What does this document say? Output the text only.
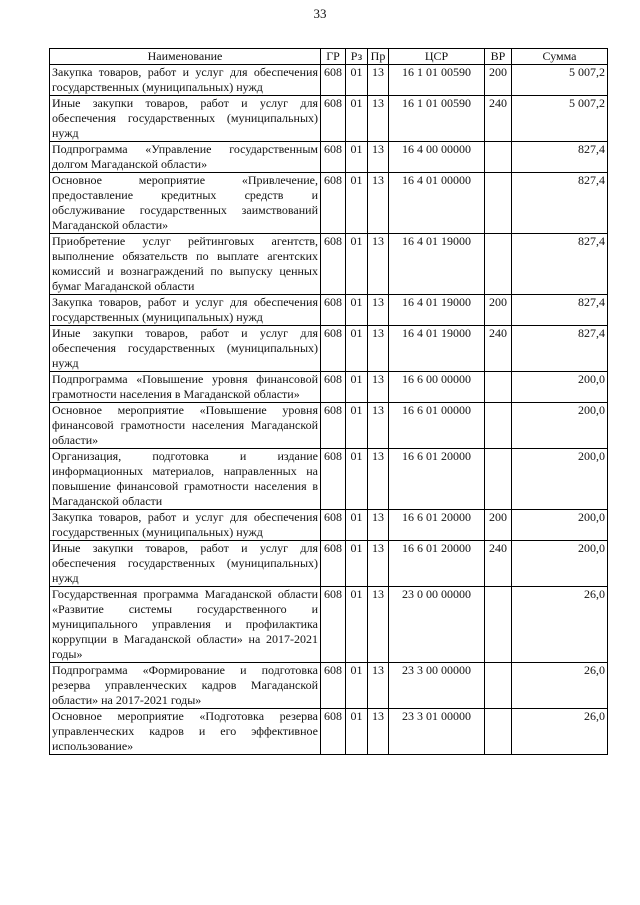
33
Наименование	ГР	Рз	Пр	ЦСР	ВР	Сумма
Закупка товаров, работ и услуг для обеспечения государственных (муниципальных) нужд	608	01	13	16 1 01 00590	200	5 007,2
Иные закупки товаров, работ и услуг для обеспечения государственных (муниципальных) нужд	608	01	13	16 1 01 00590	240	5 007,2
Подпрограмма «Управление государственным долгом Магаданской области»	608	01	13	16 4 00 00000		827,4
Основное мероприятие «Привлечение, предоставление кредитных средств и обслуживание государственных заимствований Магаданской области»	608	01	13	16 4 01 00000		827,4
Приобретение услуг рейтинговых агентств, выполнение обязательств по выплате агентских комиссий и вознаграждений по выпуску ценных бумаг Магаданской области	608	01	13	16 4 01 19000		827,4
Закупка товаров, работ и услуг для обеспечения государственных (муниципальных) нужд	608	01	13	16 4 01 19000	200	827,4
Иные закупки товаров, работ и услуг для обеспечения государственных (муниципальных) нужд	608	01	13	16 4 01 19000	240	827,4
Подпрограмма «Повышение уровня финансовой грамотности населения в Магаданской области»	608	01	13	16 6 00 00000		200,0
Основное мероприятие «Повышение уровня финансовой грамотности населения Магаданской области»	608	01	13	16 6 01 00000		200,0
Организация, подготовка и издание информационных материалов, направленных на повышение финансовой грамотности населения в Магаданской области	608	01	13	16 6 01 20000		200,0
Закупка товаров, работ и услуг для обеспечения государственных (муниципальных) нужд	608	01	13	16 6 01 20000	200	200,0
Иные закупки товаров, работ и услуг для обеспечения государственных (муниципальных) нужд	608	01	13	16 6 01 20000	240	200,0
Государственная программа Магаданской области «Развитие системы государственного и муниципального управления и профилактика коррупции в Магаданской области» на 2017-2021 годы»	608	01	13	23 0 00 00000		26,0
Подпрограмма «Формирование и подготовка резерва управленческих кадров Магаданской области» на 2017-2021 годы»	608	01	13	23 3 00 00000		26,0
Основное мероприятие «Подготовка резерва управленческих кадров и его эффективное использование»	608	01	13	23 3 01 00000		26,0
